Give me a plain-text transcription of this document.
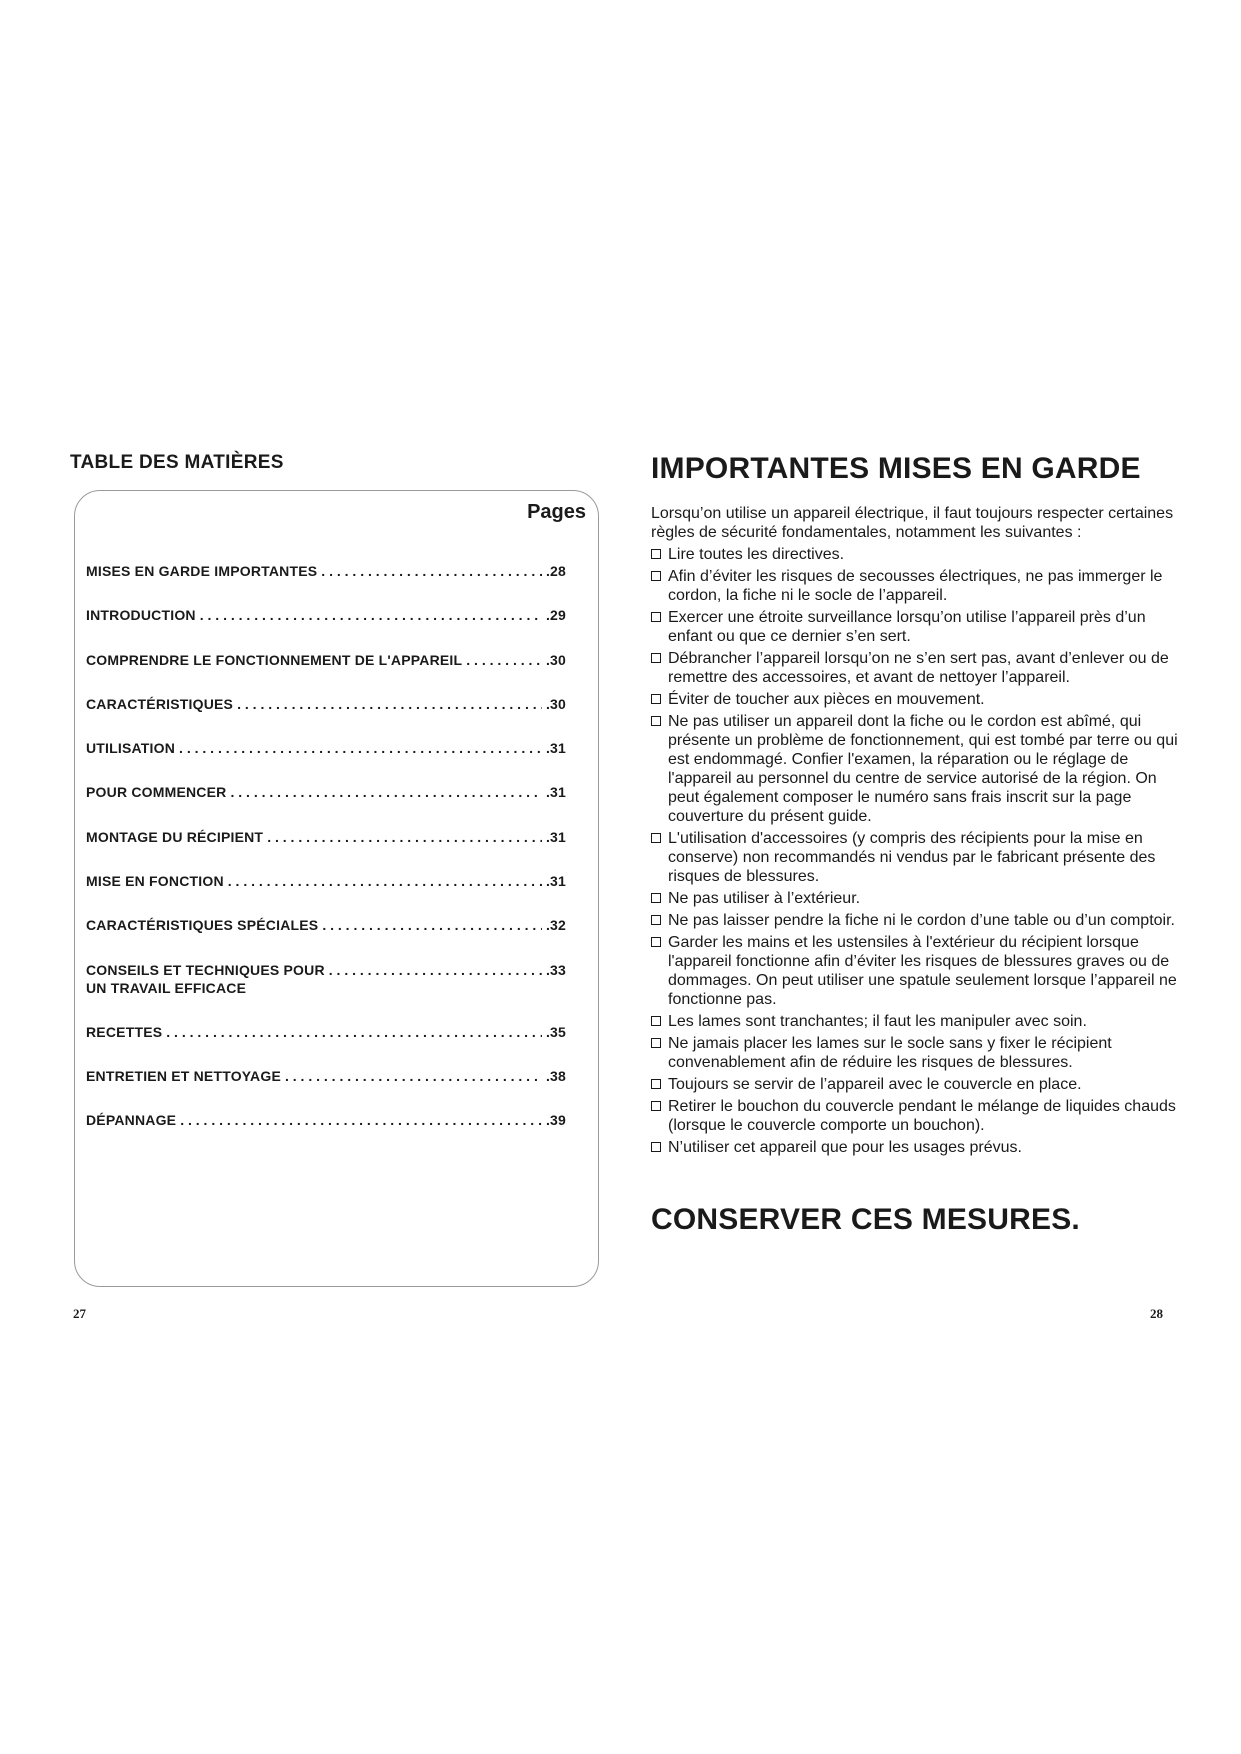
TABLE DES MATIÈRES
Pages
MISES EN GARDE IMPORTANTES . . .	.28
INTRODUCTION . . .	.29
COMPRENDRE LE FONCTIONNEMENT DE L'APPAREIL . . .	.30
CARACTÉRISTIQUES . . .	.30
UTILISATION . . .	.31
POUR COMMENCER . . .	.31
MONTAGE DU RÉCIPIENT . . .	.31
MISE EN FONCTION . . .	.31
CARACTÉRISTIQUES SPÉCIALES . . .	.32
CONSEILS ET TECHNIQUES POUR . . .	.33
UN TRAVAIL EFFICACE
RECETTES . . .	.35
ENTRETIEN ET NETTOYAGE . . .	.38
DÉPANNAGE . . .	.39
27
IMPORTANTES MISES EN GARDE

Lorsqu’on utilise un appareil électrique, il faut toujours respecter certaines règles de sécurité fondamentales, notamment les suivantes :

Lire toutes les directives.
Afin d’éviter les risques de secousses électriques, ne pas immerger le cordon, la fiche ni le socle de l’appareil.
Exercer une étroite surveillance lorsqu’on utilise l’appareil près d’un enfant ou que ce dernier s’en sert.
Débrancher l’appareil lorsqu’on ne s’en sert pas, avant d’enlever ou de remettre des accessoires, et avant de nettoyer l’appareil.
Éviter de toucher aux pièces en mouvement.
Ne pas utiliser un appareil dont la fiche ou le cordon est abîmé, qui présente un problème de fonctionnement, qui est tombé par terre ou qui est endommagé. Confier l'examen, la réparation ou le réglage de l'appareil au personnel du centre de service autorisé de la région. On peut également composer le numéro sans frais inscrit sur la page couverture du présent guide.
L'utilisation d'accessoires (y compris des récipients pour la mise en conserve) non recommandés ni vendus par le fabricant présente des risques de blessures.
Ne pas utiliser à l’extérieur.
Ne pas laisser pendre la fiche ni le cordon d’une table ou d’un comptoir.
Garder les mains et les ustensiles à l'extérieur du récipient lorsque l'appareil fonctionne afin d’éviter les risques de blessures graves ou de dommages. On peut utiliser une spatule seulement lorsque l’appareil ne fonctionne pas.
Les lames sont tranchantes; il faut les manipuler avec soin.
Ne jamais placer les lames sur le socle sans y fixer le récipient convenablement afin de réduire les risques de blessures.
Toujours se servir de l’appareil avec le couvercle en place.
Retirer le bouchon du couvercle pendant le mélange de liquides chauds (lorsque le couvercle comporte un bouchon).
N’utiliser cet appareil que pour les usages prévus.
CONSERVER CES MESURES.
28
